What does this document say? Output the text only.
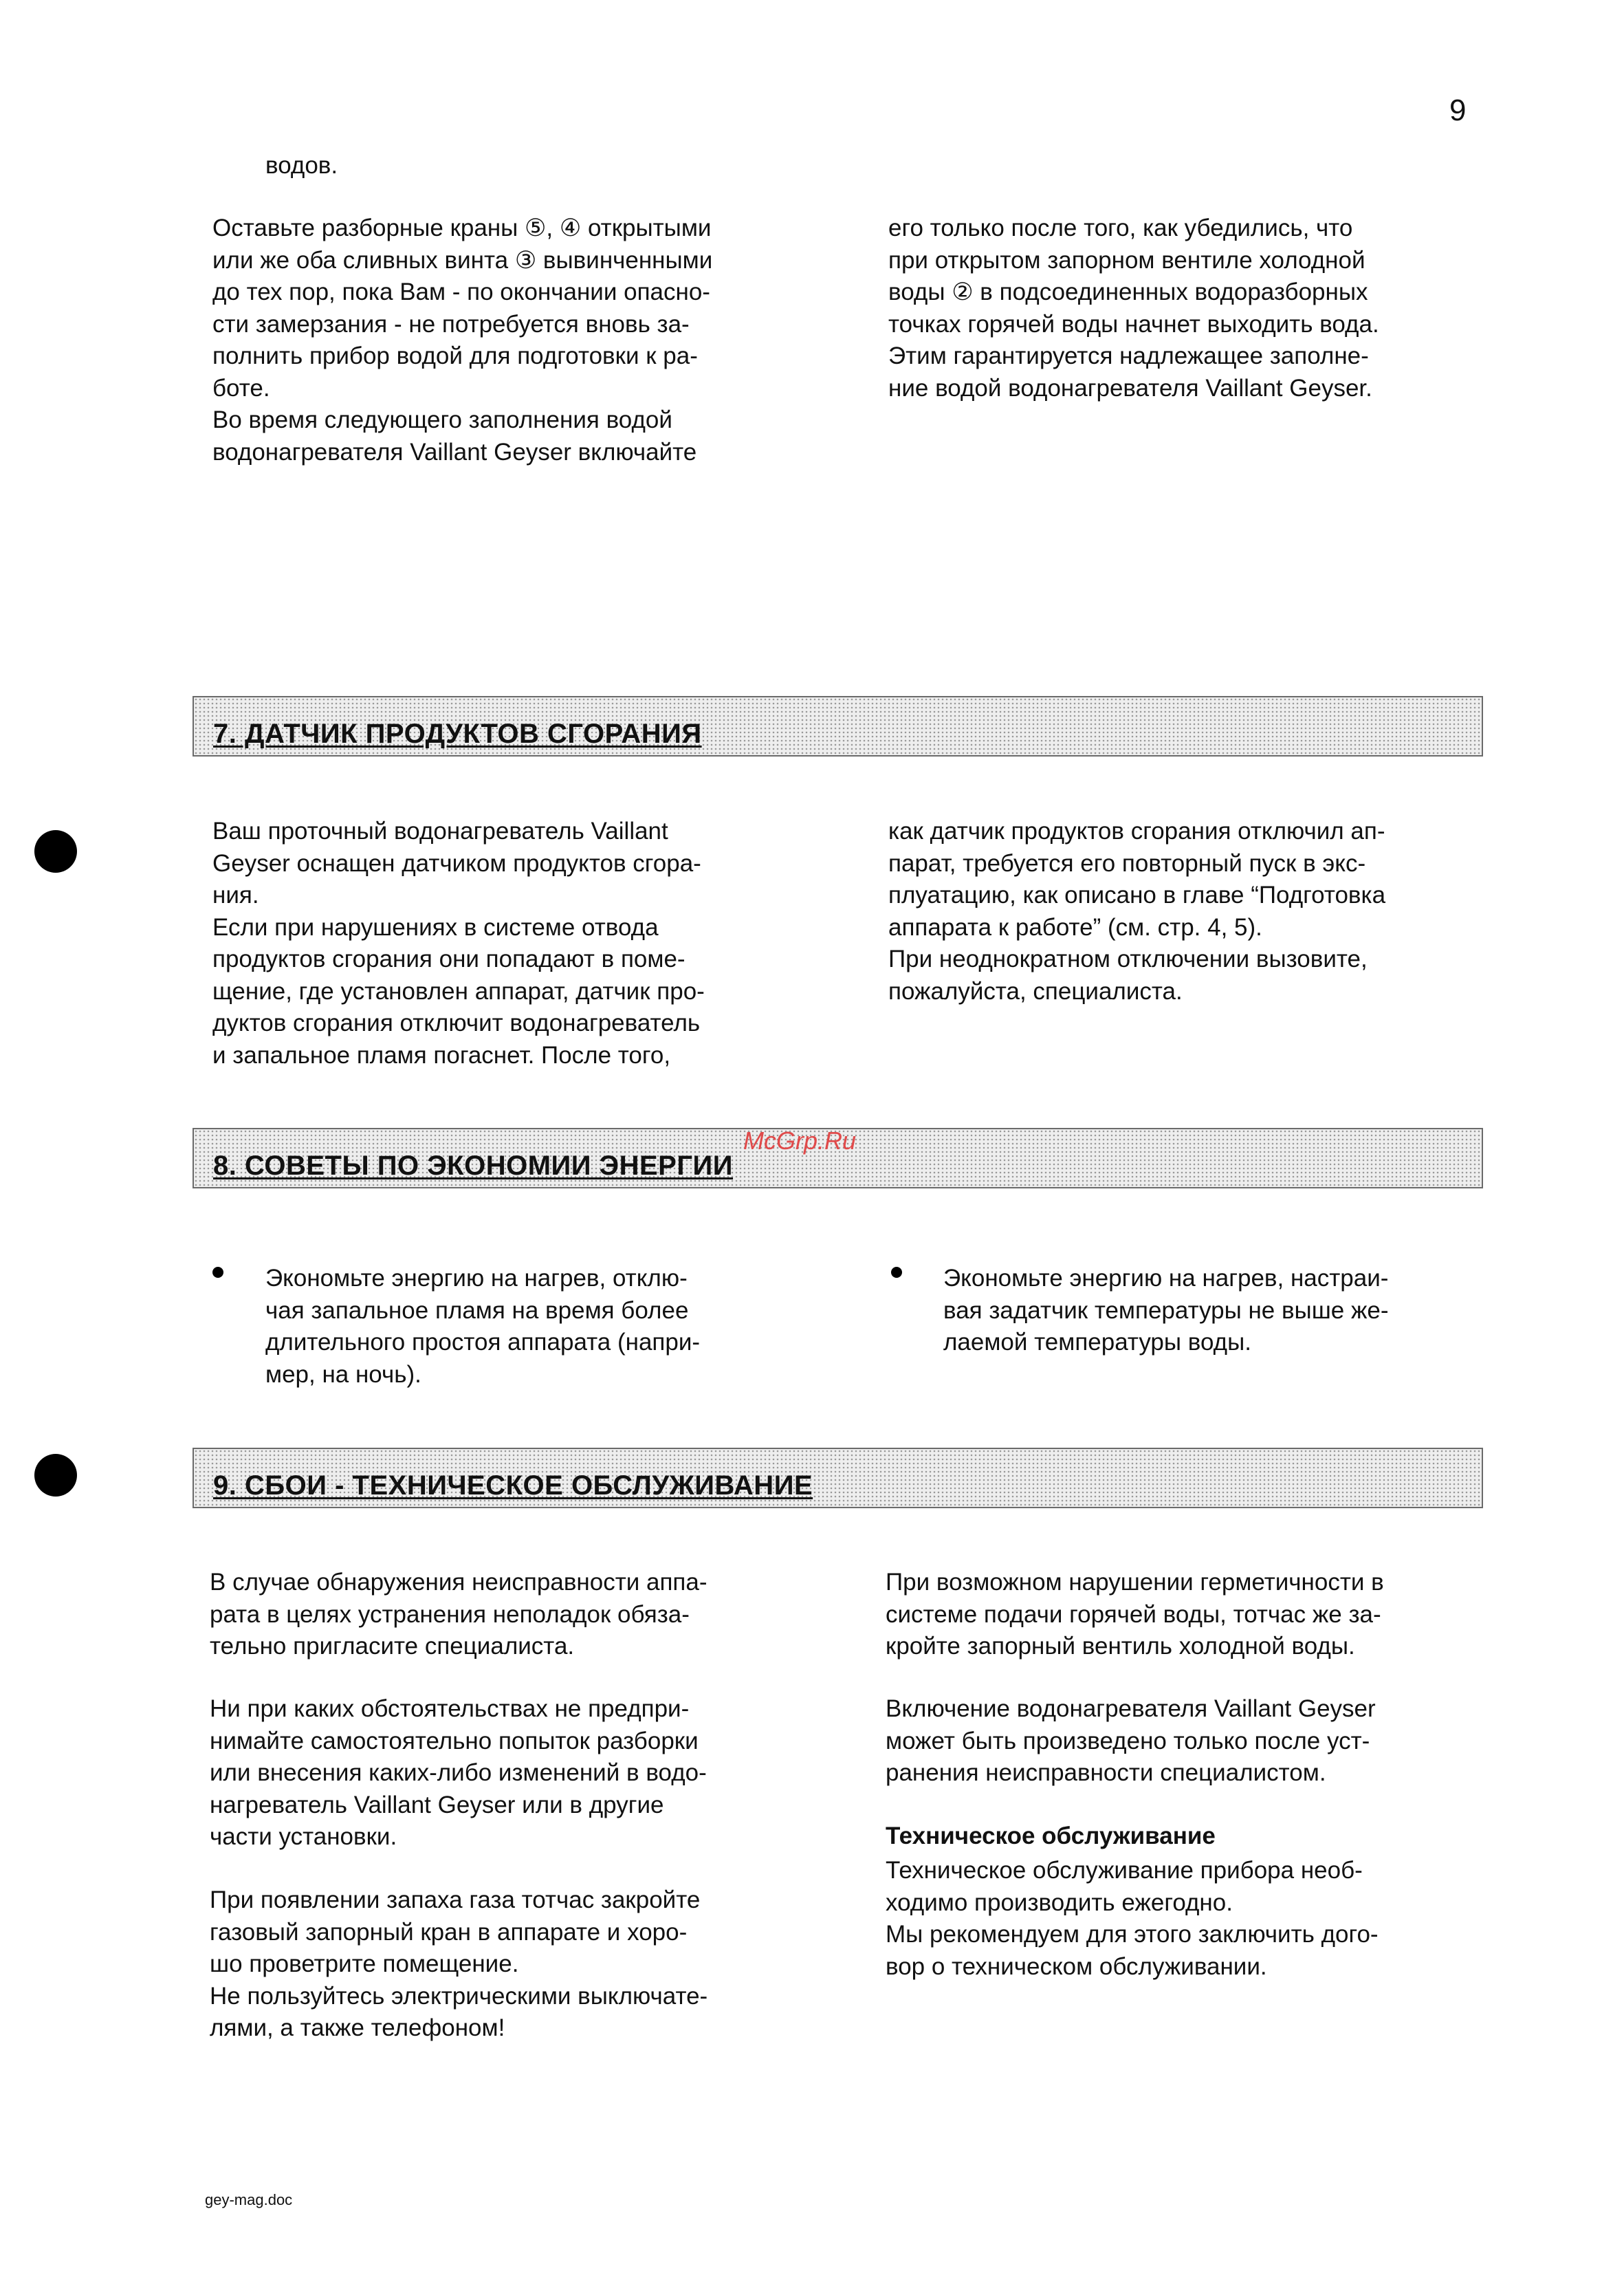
9
водов.
Оставьте разборные краны ⑤, ④ открытыми
или же оба сливных винта ③ вывинченными
до тех пор, пока Вам - по окончании опасно-
сти замерзания - не потребуется вновь за-
полнить прибор водой для подготовки к ра-
боте.
Во время следующего заполнения водой
водонагревателя Vaillant Geyser включайте
его только после того, как убедились, что
при открытом запорном вентиле холодной
воды ② в подсоединенных водоразборных
точках горячей воды начнет выходить вода.
Этим гарантируется надлежащее заполне-
ние водой водонагревателя Vaillant Geyser.
7. ДАТЧИК ПРОДУКТОВ СГОРАНИЯ
Ваш проточный водонагреватель Vaillant
Geyser оснащен датчиком продуктов сгора-
ния.
Если при нарушениях в системе отвода
продуктов сгорания они попадают в поме-
щение, где установлен аппарат, датчик про-
дуктов сгорания отключит водонагреватель
и запальное пламя погаснет. После того,
как датчик продуктов сгорания отключил ап-
парат, требуется его повторный пуск в экс-
плуатацию, как описано в главе “Подготовка
аппарата к работе” (см. стр. 4, 5).
При неоднократном отключении вызовите,
пожалуйста, специалиста.
8. СОВЕТЫ ПО ЭКОНОМИИ ЭНЕРГИИ
McGrp.Ru
Экономьте энергию на нагрев, отклю-
чая запальное пламя на время более
длительного простоя аппарата (напри-
мер, на ночь).
Экономьте энергию на нагрев, настраи-
вая задатчик температуры не выше же-
лаемой температуры воды.
9. СБОИ - ТЕХНИЧЕСКОЕ ОБСЛУЖИВАНИЕ
В случае обнаружения неисправности аппа-
рата в целях устранения неполадок обяза-
тельно пригласите специалиста.
Ни при каких обстоятельствах не предпри-
нимайте самостоятельно попыток разборки
или внесения каких-либо изменений в водо-
нагреватель Vaillant Geyser или в другие
части установки.
При появлении запаха газа тотчас закройте
газовый запорный кран в аппарате и хоро-
шо проветрите помещение.
Не пользуйтесь электрическими выключате-
лями, а также телефоном!
При возможном нарушении герметичности в
системе подачи горячей воды, тотчас же за-
кройте запорный вентиль холодной воды.
Включение водонагревателя Vaillant Geyser
может быть произведено только после уст-
ранения неисправности специалистом.
Техническое обслуживание
Техническое обслуживание прибора необ-
ходимо производить ежегодно.
Мы рекомендуем для этого заключить дого-
вор о техническом обслуживании.
gey-mag.doc
